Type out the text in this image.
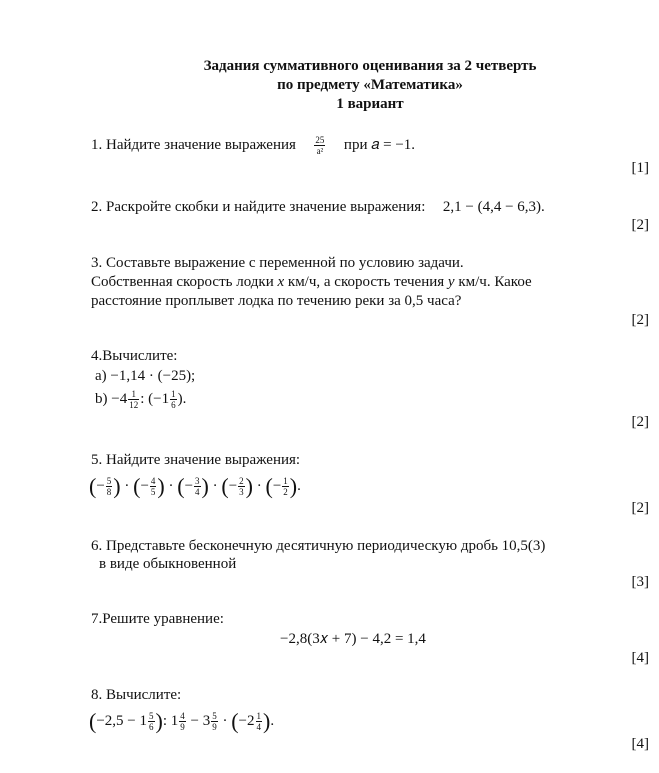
Задания суммативного оценивания за 2 четверть
по предмету «Математика»
1 вариант
1. Найдите значение выражения $\frac{25}{\text{a²}}$ при 𝑎 = −1.
[1]
2. Раскройте скобки и найдите значение выражения: 2,1 − (4,4 − 6,3).
[2]
3. Составьте выражение с переменной по условию задачи.
Собственная скорость лодки x км/ч, а скорость течения y км/ч. Какое
расстояние проплывет лодка по течению реки за 0,5 часа?
[2]
4.Вычислите:
a) −1,14 · (−25);
$b) -4 \frac{1}{12}$ : ($-1 \frac{1}{6}$ ).
[2]
5. Найдите значение выражения:
(− $\frac{5}{8}$ ) · (− $\frac{4}{5}$ ) · (− $\frac{3}{4}$ ) · (− $\frac{2}{3}$ ) · (− $\frac{1}{2}$ ).
[2]
6. Представьте бесконечную десятичную периодическую дробь 10,5(3)
в виде обыкновенной
[3]
7.Решите уравнение:
−2,8(3𝑥 + 7) − 4,2 = 1,4
[4]
8. Вычислите:
($-2,5 - 1 \frac{5}{6}$ ): $1 \frac{4}{9} - 3 \frac{5}{9} \cdot (-2 \frac{1}{4}$ ).
[4]
